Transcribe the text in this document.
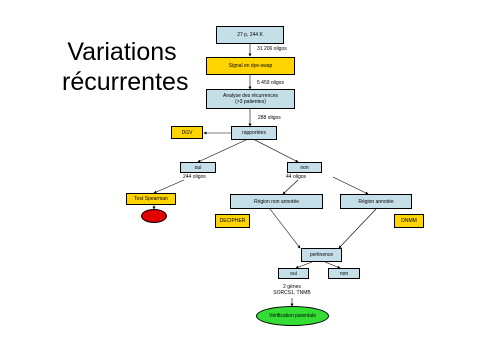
Variations
récurrentes
27 p, 244 K
31 206 oligos
Signal en dye-swap
5 459 oligos
Analyse des récurrences
(>3 patientes)
288 oligos
DGV	rapportées
oui
244 oligos
non
44 oligos
Test Spearman	Région non annotée	Région annotée
DECIPHER	DNMM
pertinence
oui	non
2 gènes
SORCS1, TNMB
Vérification parentale
